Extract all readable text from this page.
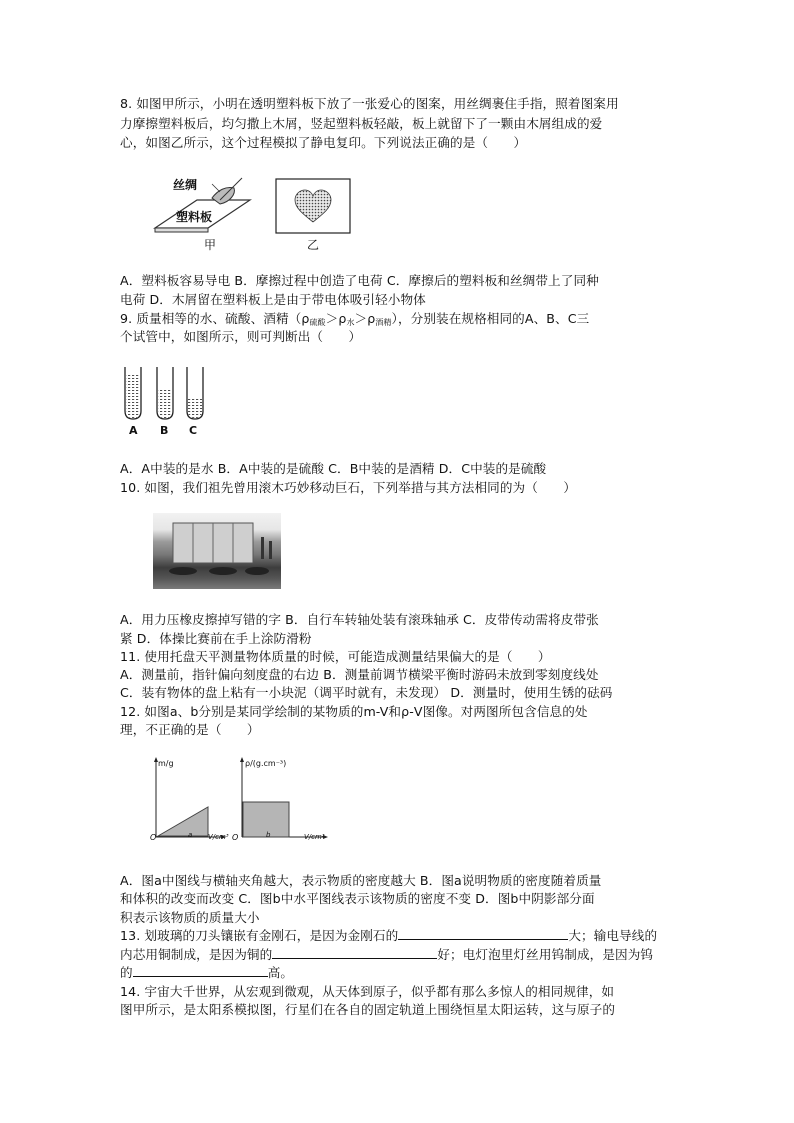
8. 如图甲所示，小明在透明塑料板下放了一张爱心的图案，用丝绸裹住手指，照着图案用
力摩擦塑料板后，均匀撒上木屑，竖起塑料板轻敲，板上就留下了一颗由木屑组成的爱
心，如图乙所示，这个过程模拟了静电复印。下列说法正确的是（　　）
丝绸
塑料板
甲	乙
A．塑料板容易导电 B．摩擦过程中创造了电荷 C．摩擦后的塑料板和丝绸带上了同种
电荷 D．木屑留在塑料板上是由于带电体吸引轻小物体
9. 质量相等的水、硫酸、酒精$(\rho_{硫酸}>\rho_水>\rho_{酒精})$，分别装在规格相同的A、B、C三
个试管中，如图所示，则可判断出（　　）
A B C
A．A中装的是水 B．A中装的是硫酸 C．B中装的是酒精 D．C中装的是硫酸
10. 如图，我们祖先曾用滚木巧妙移动巨石，下列举措与其方法相同的为（　　）
A．用力压橡皮擦掉写错的字 B．自行车转轴处装有滚珠轴承 C．皮带传动需将皮带张
紧 D．体操比赛前在手上涂防滑粉
11. 使用托盘天平测量物体质量的时候，可能造成测量结果偏大的是（　　）
A．测量前，指针偏向刻度盘的右边 B．测量前调节横梁平衡时游码未放到零刻度线处
C．装有物体的盘上粘有一小块泥（调平时就有，未发现） D．测量时，使用生锈的砝码
12. 如图a、b分别是某同学绘制的某物质的m-V和ρ-V图像。对两图所包含信息的处
理，不正确的是（　　）
m/g
O	a V/cm³
ρ/(g.cm⁻³)
O	b	V/cm³
A．图a中图线与横轴夹角越大，表示物质的密度越大 B．图a说明物质的密度随着质量
和体积的改变而改变 C．图b中水平图线表示该物质的密度不变 D．图b中阴影部分面
积表示该物质的质量大小
13. 划玻璃的刀头镶嵌有金刚石，是因为金刚石的	大；输电导线的
内芯用铜制成，是因为铜的	好；电灯泡里灯丝用钨制成，是因为钨
的	高。
14. 宇宙大千世界，从宏观到微观，从天体到原子，似乎都有那么多惊人的相同规律，如
图甲所示，是太阳系模拟图，行星们在各自的固定轨道上围绕恒星太阳运转，这与原子的
